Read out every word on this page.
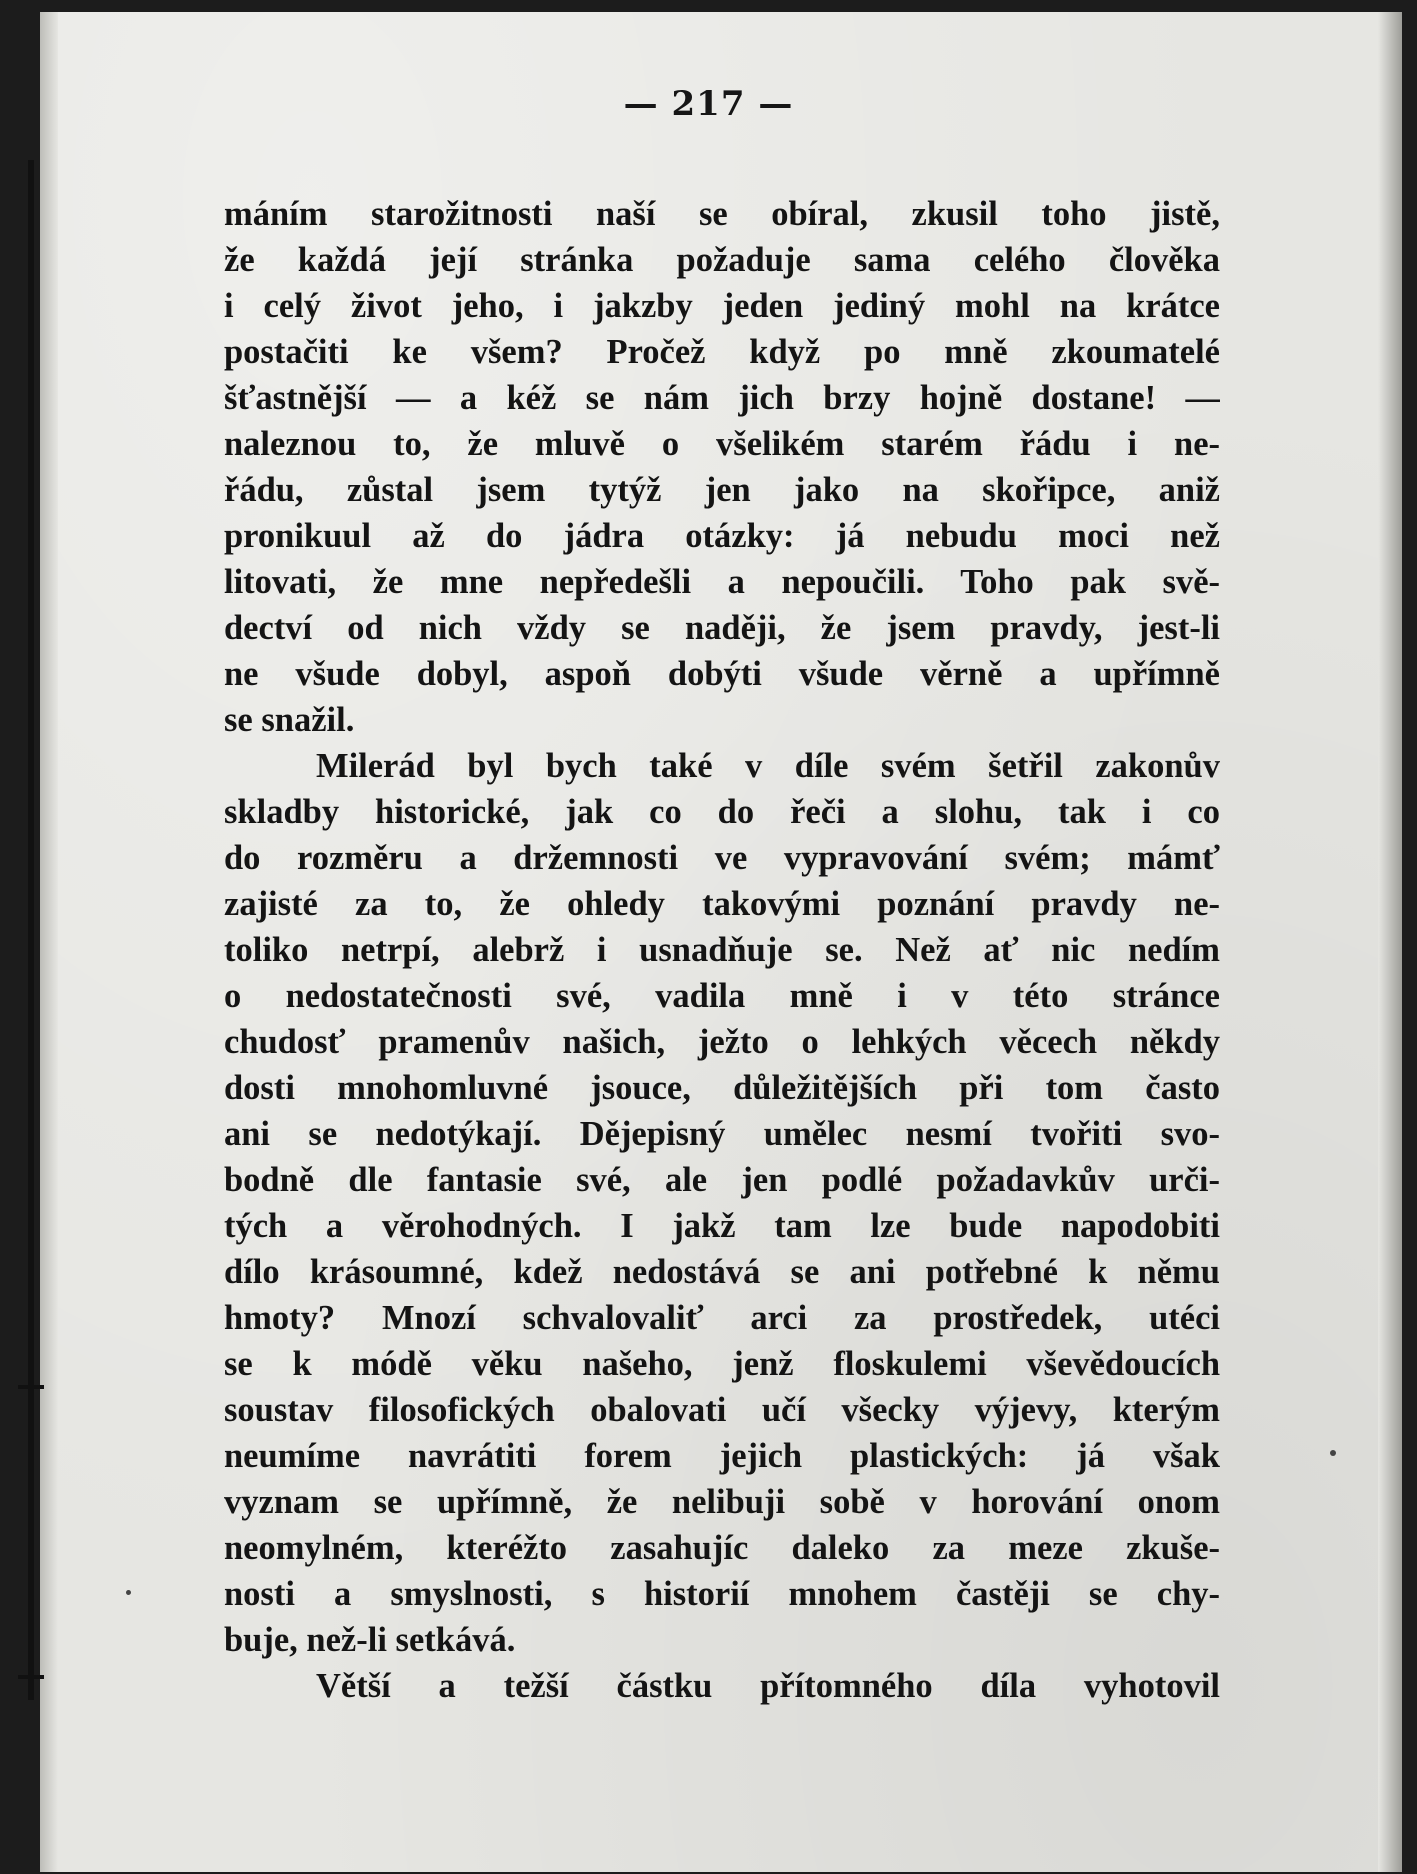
— 217 —
máním starožitnosti naší se obíral, zkusil toho jistě,
že každá její stránka požaduje sama celého člověka
i celý život jeho, i jakzby jeden jediný mohl na krátce
postačiti ke všem? Pročež když po mně zkoumatelé
šťastnější — a kéž se nám jich brzy hojně dostane! —
naleznou to, že mluvě o všelikém starém řádu i ne-
řádu, zůstal jsem tytýž jen jako na skořipce, aniž
pronikuul až do jádra otázky: já nebudu moci než
litovati, že mne nepředešli a nepoučili. Toho pak svě-
dectví od nich vždy se naději, že jsem pravdy, jest-li
ne všude dobyl, aspoň dobýti všude věrně a upřímně
se snažil.
Milerád byl bych také v díle svém šetřil zakonův
skladby historické, jak co do řeči a slohu, tak i co
do rozměru a držemnosti ve vypravování svém; mámť
zajisté za to, že ohledy takovými poznání pravdy ne-
toliko netrpí, alebrž i usnadňuje se. Než ať nic nedím
o nedostatečnosti své, vadila mně i v této stránce
chudosť pramenův našich, ježto o lehkých věcech někdy
dosti mnohomluvné jsouce, důležitějších při tom často
ani se nedotýkají. Dějepisný umělec nesmí tvořiti svo-
bodně dle fantasie své, ale jen podlé požadavkův urči-
tých a věrohodných. I jakž tam lze bude napodobiti
dílo krásoumné, kdež nedostává se ani potřebné k němu
hmoty? Mnozí schvalovaliť arci za prostředek, utéci
se k módě věku našeho, jenž floskulemi vševědoucích
soustav filosofických obalovati učí všecky výjevy, kterým
neumíme navrátiti forem jejich plastických: já však
vyznam se upřímně, že nelibuji sobě v horování onom
neomylném, kteréžto zasahujíc daleko za meze zkuše-
nosti a smyslnosti, s historií mnohem častěji se chy-
buje, než-li setkává.
Větší a težší částku přítomného díla vyhotovil
